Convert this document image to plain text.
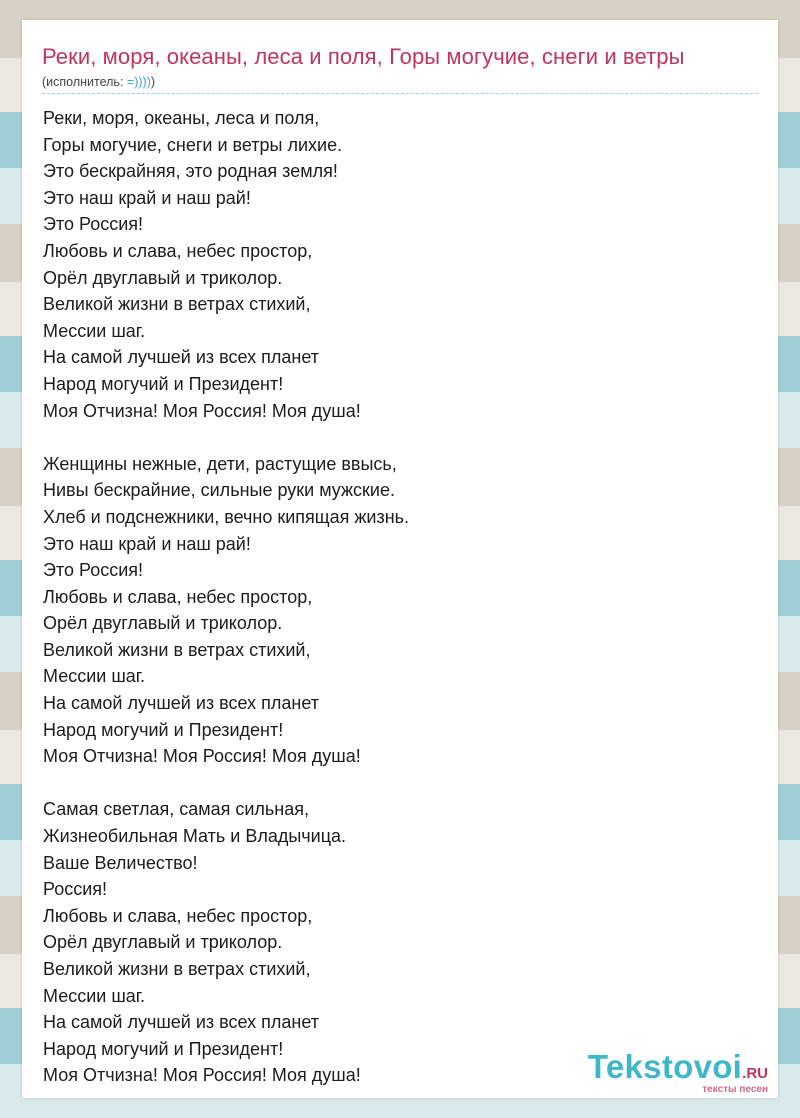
Реки, моря, океаны, леса и поля, Горы могучие, снеги и ветры
(исполнитель: =)))))
Реки, моря, океаны, леса и поля,
Горы могучие, снеги и ветры лихие.
Это бескрайняя, это родная земля!
Это наш край и наш рай!
Это Россия!
Любовь и слава, небес простор,
Орёл двуглавый и триколор.
Великой жизни в ветрах стихий,
Мессии шаг.
На самой лучшей из всех планет
Народ могучий и Президент!
Моя Отчизна! Моя Россия! Моя душа!
Женщины нежные, дети, растущие ввысь,
Нивы бескрайние, сильные руки мужские.
Хлеб и подснежники, вечно кипящая жизнь.
Это наш край и наш рай!
Это Россия!
Любовь и слава, небес простор,
Орёл двуглавый и триколор.
Великой жизни в ветрах стихий,
Мессии шаг.
На самой лучшей из всех планет
Народ могучий и Президент!
Моя Отчизна! Моя Россия! Моя душа!
Самая светлая, самая сильная,
Жизнеобильная Мать и Владычица.
Ваше Величество!
Россия!
Любовь и слава, небес простор,
Орёл двуглавый и триколор.
Великой жизни в ветрах стихий,
Мессии шаг.
На самой лучшей из всех планет
Народ могучий и Президент!
Моя Отчизна! Моя Россия! Моя душа!	Tekstovoi.RU
тексты песен
